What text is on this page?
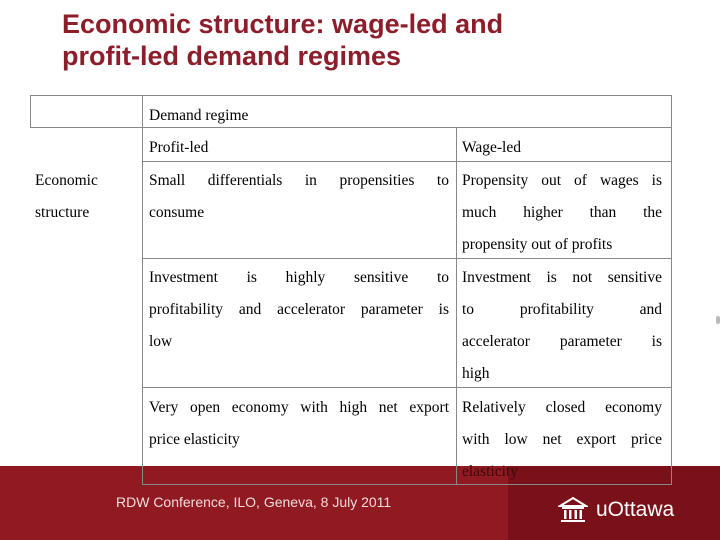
Economic structure: wage-led and
profit-led demand regimes
RDW Conference, ILO, Geneva, 8 July 2011	uOttawa
Demand regime
Profit-led	Wage-led
Economic
structure
Small differentials in propensities to
consume
Propensity out of wages is
much higher than the
propensity out of profits
Investment is highly sensitive to
profitability and accelerator parameter is
low
Investment is not sensitive
to profitability and
accelerator parameter is
high
Very open economy with high net export
price elasticity
Relatively closed economy
with low net export price
elasticity
